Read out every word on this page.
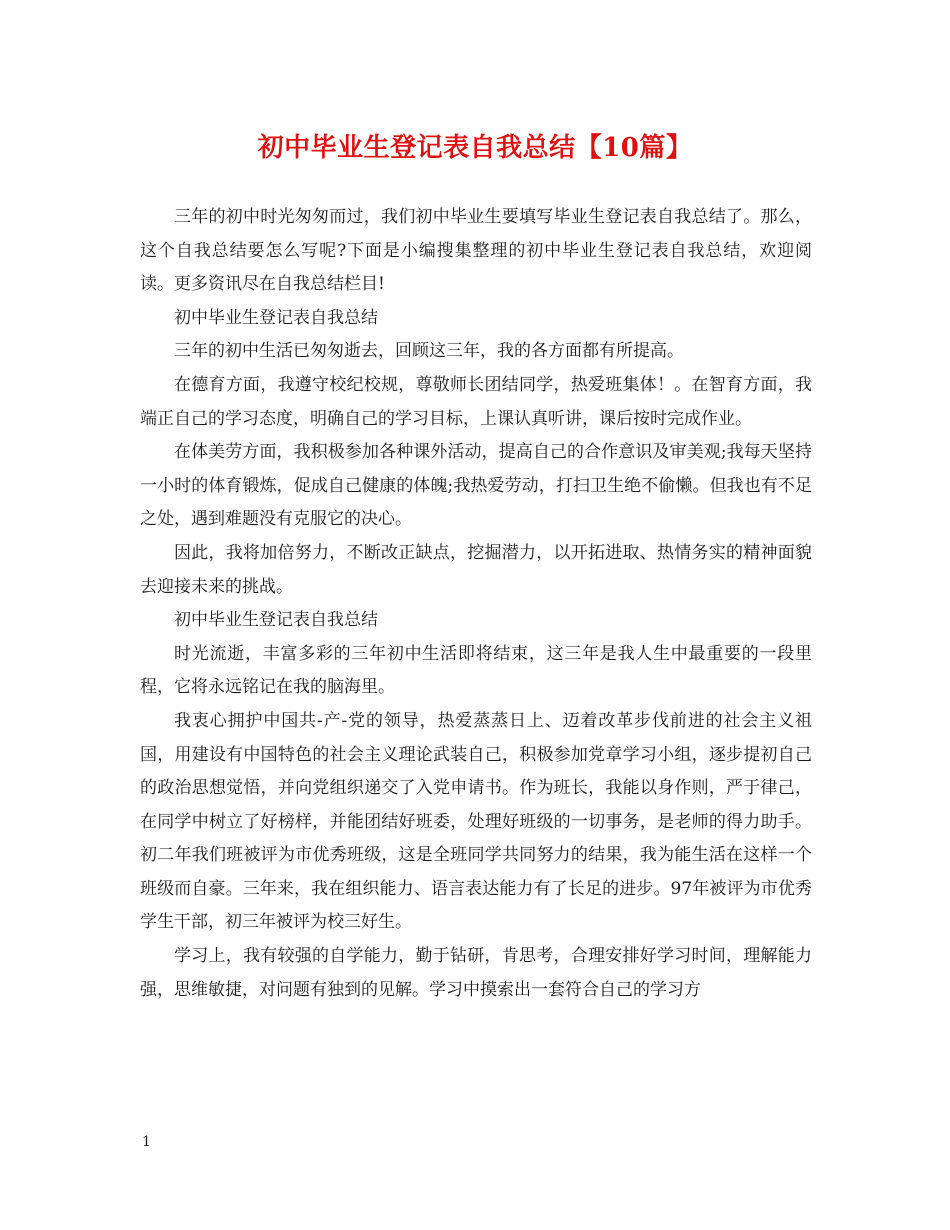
初中毕业生登记表自我总结【10篇】

三年的初中时光匆匆而过，我们初中毕业生要填写毕业生登记表自我总结了。那么，这个自我总结要怎么写呢?下面是小编搜集整理的初中毕业生登记表自我总结，欢迎阅读。更多资讯尽在自我总结栏目!

初中毕业生登记表自我总结

三年的初中生活已匆匆逝去，回顾这三年，我的各方面都有所提高。

在德育方面，我遵守校纪校规，尊敬师长团结同学，热爱班集体！。在智育方面，我端正自己的学习态度，明确自己的学习目标，上课认真听讲，课后按时完成作业。

在体美劳方面，我积极参加各种课外活动，提高自己的合作意识及审美观;我每天坚持一小时的体育锻炼，促成自己健康的体魄;我热爱劳动，打扫卫生绝不偷懒。但我也有不足之处，遇到难题没有克服它的决心。

因此，我将加倍努力，不断改正缺点，挖掘潜力，以开拓进取、热情务实的精神面貌去迎接未来的挑战。

初中毕业生登记表自我总结

时光流逝，丰富多彩的三年初中生活即将结束，这三年是我人生中最重要的一段里程，它将永远铭记在我的脑海里。

我衷心拥护中国共-产-党的领导，热爱蒸蒸日上、迈着改革步伐前进的社会主义祖国，用建设有中国特色的社会主义理论武装自己，积极参加党章学习小组，逐步提初自己的政治思想觉悟，并向党组织递交了入党申请书。作为班长，我能以身作则，严于律己，在同学中树立了好榜样，并能团结好班委，处理好班级的一切事务，是老师的得力助手。初二年我们班被评为市优秀班级，这是全班同学共同努力的结果，我为能生活在这样一个班级而自豪。三年来，我在组织能力、语言表达能力有了长足的进步。97年被评为市优秀学生干部，初三年被评为校三好生。

学习上，我有较强的自学能力，勤于钻研，肯思考，合理安排好学习时间，理解能力强，思维敏捷，对问题有独到的见解。学习中摸索出一套符合自己的学习方

1
